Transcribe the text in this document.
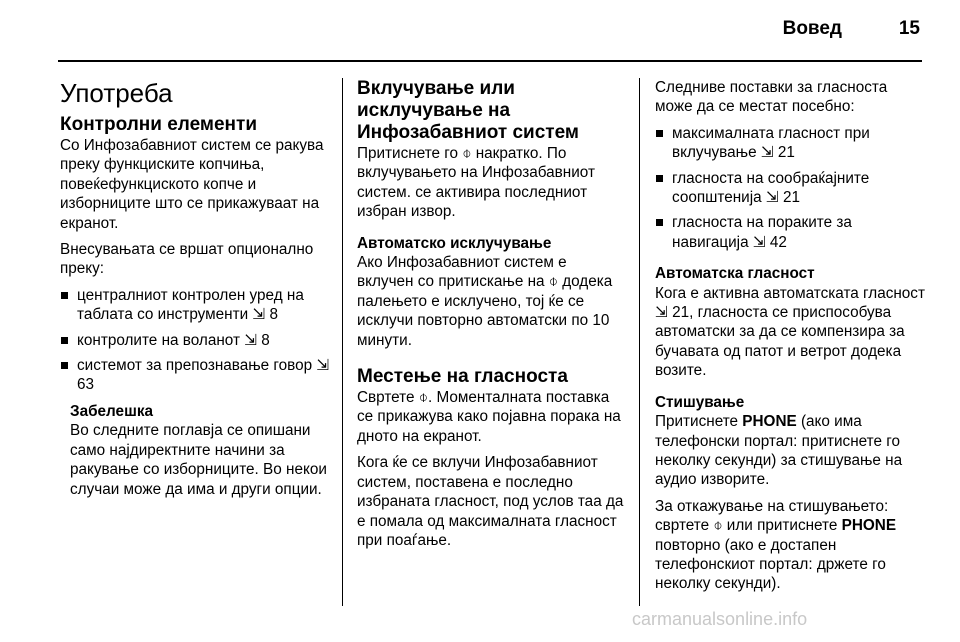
Вовед	15
Употреба
Контролни елементи

Со Инфозабавниот систем се ракува преку функциските копчиња, повеќефункциското копче и изборниците што се прикажуваат на екранот.

Внесувањата се вршат опционално преку:

централниот контролен уред на таблата со инструменти ⇲ 8
контролите на воланот ⇲ 8
системот за препознавање говор ⇲ 63
Забелешка
Во следните поглавја се опишани само најдиректните начини за ракување со изборниците. Во некои случаи може да има и други опции.
Вклучување или исклучување на Инфозабавниот систем

Притиснете го ⌽ накратко. По вклучувањето на Инфозабавниот систем. се активира последниот избран извор.

Автоматско исклучување

Ако Инфозабавниот систем е вклучен со притискање на ⌽ додека палењето е исклучено, тој ќе се исклучи повторно автоматски по 10 минути.

Местење на гласноста

Свртете ⌽. Моменталната поставка се прикажува како појавна порака на дното на екранот.

Кога ќе се вклучи Инфозабавниот систем, поставена е последно избраната гласност, под услов таа да е помала од максималната гласност при поаѓање.

Следниве поставки за гласноста може да се местат посебно:

максималната гласност при вклучување ⇲ 21
гласноста на сообраќајните соопштенија ⇲ 21
гласноста на пораките за навигација ⇲ 42
Автоматска гласност

Кога е активна автоматската гласност ⇲ 21, гласноста се приспособува автоматски за да се компензира за бучавата од патот и ветрот додека возите.

Стишување

Притиснете PHONE (ако има телефонски портал: притиснете го неколку секунди) за стишување на аудио изворите.

За откажување на стишувањето: свртете ⌽ или притиснете PHONE повторно (ако е достапен телефонскиот портал: држете го неколку секунди).

carmanualsonline.info
